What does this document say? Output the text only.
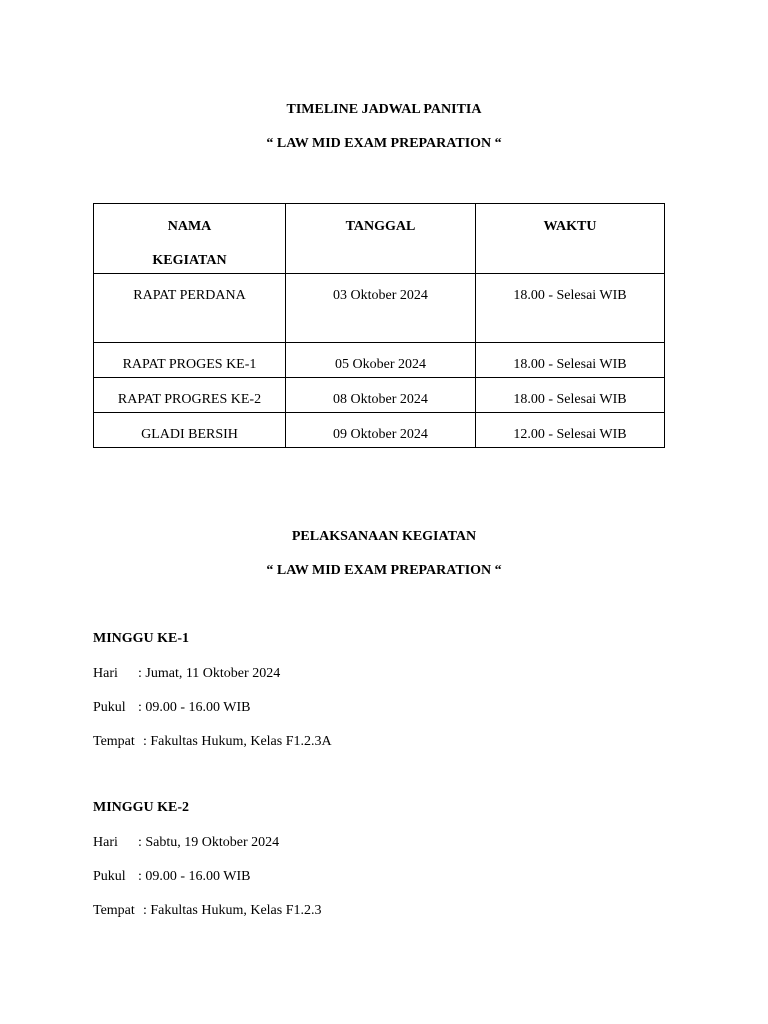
TIMELINE JADWAL PANITIA
“ LAW MID EXAM PREPARATION “
NAMA
KEGIATAN	TANGGAL	WAKTU

RAPAT PERDANA	03 Oktober 2024	18.00 - Selesai WIB

RAPAT PROGES KE-1	05 Okober 2024	18.00 - Selesai WIB

RAPAT PROGRES KE-2	08 Oktober 2024	18.00 - Selesai WIB

GLADI BERSIH	09 Oktober 2024	12.00 - Selesai WIB
PELAKSANAAN KEGIATAN
“ LAW MID EXAM PREPARATION “
MINGGU KE-1
Hari : Jumat, 11 Oktober 2024
Pukul : 09.00 - 16.00 WIB
Tempat : Fakultas Hukum, Kelas F1.2.3A
MINGGU KE-2
Hari : Sabtu, 19 Oktober 2024
Pukul : 09.00 - 16.00 WIB
Tempat : Fakultas Hukum, Kelas F1.2.3
